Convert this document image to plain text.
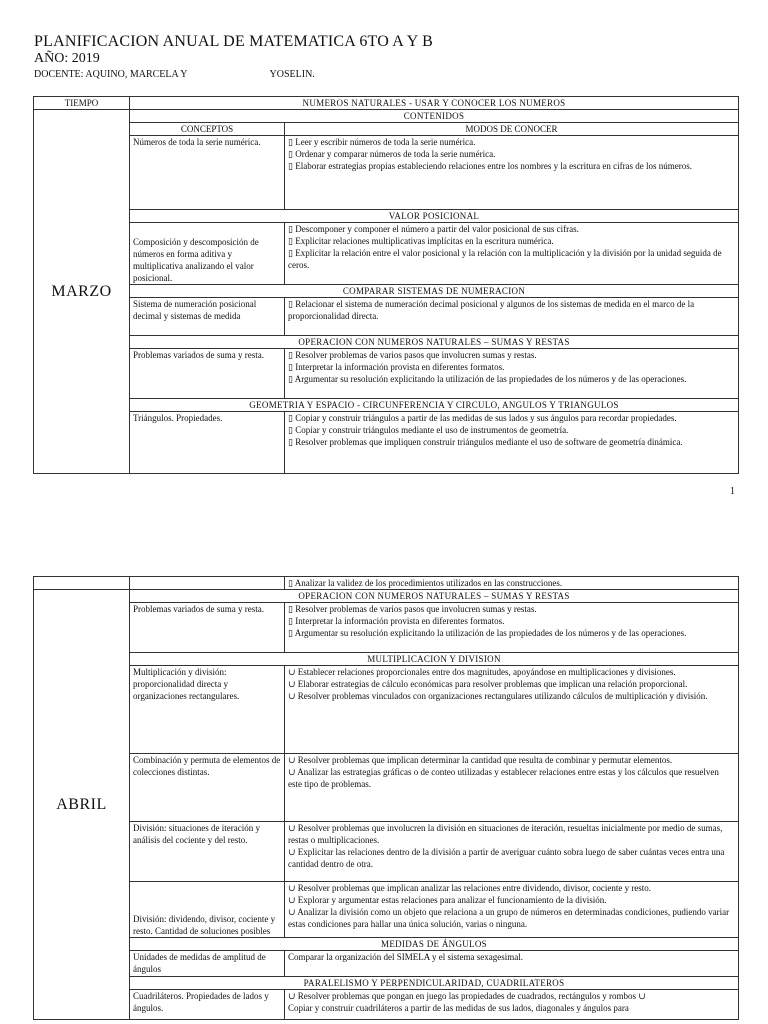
PLANIFICACION ANUAL DE MATEMATICA 6TO A Y B
AÑO: 2019
DOCENTE: AQUINO, MARCELA Y	YOSELIN.
TIEMPO	NUMEROS NATURALES - USAR Y CONOCER LOS NUMEROS	
MARZO	CONTENIDOS	
	CONCEPTOS	MODOS DE CONOCER
	Números de toda la serie numérica.	▯ Leer y escribir números de toda la serie numérica.
▯ Ordenar y comparar números de toda la serie numérica.
▯ Elaborar estrategias propias estableciendo relaciones entre los nombres y la escritura en cifras de los números.

	VALOR POSICIONAL	
	Composición y descomposición de números en forma aditiva y multiplicativa analizando el valor posicional.	▯ Descomponer y componer el número a partir del valor posicional de sus cifras.
▯ Explicitar relaciones multiplicativas implícitas en la escritura numérica.
▯ Explicitar la relación entre el valor posicional y la relación con la multiplicación y la división por la unidad seguida de ceros.

	COMPARAR SISTEMAS DE NUMERACION	
	Sistema de numeración posicional decimal y sistemas de medida	▯ Relacionar el sistema de numeración decimal posicional y algunos de los sistemas de medida en el marco de la proporcionalidad directa.

	OPERACION CON NUMEROS NATURALES – SUMAS Y RESTAS	
	Problemas variados de suma y resta.	▯ Resolver problemas de varios pasos que involucren sumas y restas.
▯ Interpretar la información provista en diferentes formatos.
▯ Argumentar su resolución explicitando la utilización de las propiedades de los números y de las operaciones.

	GEOMETRIA Y ESPACIO - CIRCUNFERENCIA Y CIRCULO, ANGULOS Y TRIANGULOS	
	Triángulos. Propiedades.	▯ Copiar y construir triángulos a partir de las medidas de sus lados y sus ángulos para recordar propiedades.
▯ Copiar y construir triángulos mediante el uso de instrumentos de geometría.
▯ Resolver problemas que impliquen construir triángulos mediante el uso de software de geometría dinámica.
1
		▯ Analizar la validez de los procedimientos utilizados en las construcciones.
ABRIL	OPERACION CON NUMEROS NATURALES – SUMAS Y RESTAS	
	Problemas variados de suma y resta.	▯ Resolver problemas de varios pasos que involucren sumas y restas.
▯ Interpretar la información provista en diferentes formatos.
▯ Argumentar su resolución explicitando la utilización de las propiedades de los números y de las operaciones.

	MULTIPLICACION Y DIVISION	
	Multiplicación y división: proporcionalidad directa y organizaciones rectangulares.	∪ Establecer relaciones proporcionales entre dos magnitudes, apoyándose en multiplicaciones y divisiones.
∪ Elaborar estrategias de cálculo económicas para resolver problemas que implican una relación proporcional.
∪ Resolver problemas vinculados con organizaciones rectangulares utilizando cálculos de multiplicación y división.

	Combinación y permuta de elementos de colecciones distintas.	∪ Resolver problemas que implican determinar la cantidad que resulta de combinar y permutar elementos.
∪ Analizar las estrategias gráficas o de conteo utilizadas y establecer relaciones entre estas y los cálculos que resuelven este tipo de problemas.

	División: situaciones de iteración y análisis del cociente y del resto.	∪ Resolver problemas que involucren la división en situaciones de iteración, resueltas inicialmente por medio de sumas, restas o multiplicaciones.
∪ Explicitar las relaciones dentro de la división a partir de averiguar cuánto sobra luego de saber cuántas veces entra una cantidad dentro de otra.

	División: dividendo, divisor, cociente y resto. Cantidad de soluciones posibles	∪ Resolver problemas que implican analizar las relaciones entre dividendo, divisor, cociente y resto.
∪ Explorar y argumentar estas relaciones para analizar el funcionamiento de la división.
∪ Analizar la división como un objeto que relaciona a un grupo de números en determinadas condiciones, pudiendo variar estas condiciones para hallar una única solución, varias o ninguna.

	MEDIDAS DE ÁNGULOS	
	Unidades de medidas de amplitud de ángulos	Comparar la organización del SIMELA y el sistema sexagesimal.

	PARALELISMO Y PERPENDICULARIDAD, CUADRILATEROS	
	Cuadriláteros. Propiedades de lados y ángulos.	∪ Resolver problemas que pongan en juego las propiedades de cuadrados, rectángulos y rombos ∪
Copiar y construir cuadriláteros a partir de las medidas de sus lados, diagonales y ángulos para
